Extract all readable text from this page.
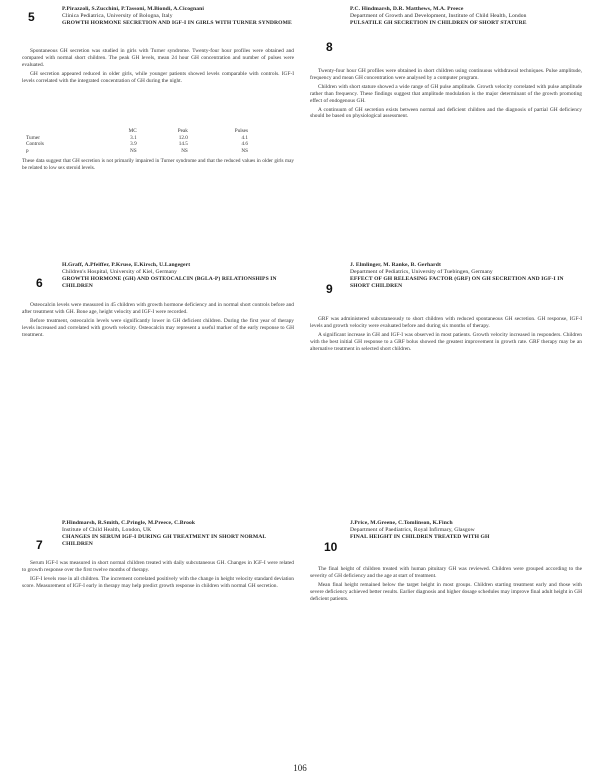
5
P.Pirazzoli, S.Zucchini, P.Tassoni, M.Biondi, A.Cicognani
Clinica Pediatrica, University of Bologna, Italy
GROWTH HORMONE SECRETION AND IGF-I IN GIRLS WITH TURNER SYNDROME

Spontaneous GH secretion was studied in girls with Turner syndrome. Twenty-four hour profiles were obtained and compared with normal short children. The peak GH levels, mean 24 hour GH concentration and number of pulses were evaluated.

GH secretion appeared reduced in older girls, while younger patients showed levels comparable with controls. IGF-I levels correlated with the integrated concentration of GH during the night.

	MC	Peak	Pulses
Turner	3.1	12.0	4.1
Controls	3.9	14.5	4.6
p	NS	NS	NS
These data suggest that GH secretion is not primarily impaired in Turner syndrome and that the reduced values in older girls may be related to low sex steroid levels.
6
H.Graff, A.Pfeiffer, P.Kruse, E.Kirsch, U.Langegert
Children's Hospital, University of Kiel, Germany
GROWTH HORMONE (GH) AND OSTEOCALCIN (BGLA-P) RELATIONSHIPS IN CHILDREN

Osteocalcin levels were measured in 45 children with growth hormone deficiency and in normal short controls before and after treatment with GH. Bone age, height velocity and IGF-I were recorded.

Before treatment, osteocalcin levels were significantly lower in GH deficient children. During the first year of therapy levels increased and correlated with growth velocity. Osteocalcin may represent a useful marker of the early response to GH treatment.

7
P.Hindmarsh, R.Smith, C.Pringle, M.Preece, C.Brook
Institute of Child Health, London, UK
CHANGES IN SERUM IGF-I DURING GH TREATMENT IN SHORT NORMAL CHILDREN

Serum IGF-I was measured in short normal children treated with daily subcutaneous GH. Changes in IGF-I were related to growth response over the first twelve months of therapy.

IGF-I levels rose in all children. The increment correlated positively with the change in height velocity standard deviation score. Measurement of IGF-I early in therapy may help predict growth response in children with normal GH secretion.

8
P.C. Hindmarsh, D.R. Matthews, M.A. Preece
Department of Growth and Development, Institute of Child Health, London
PULSATILE GH SECRETION IN CHILDREN OF SHORT STATURE

Twenty-four hour GH profiles were obtained in short children using continuous withdrawal techniques. Pulse amplitude, frequency and mean GH concentration were analysed by a computer program.

Children with short stature showed a wide range of GH pulse amplitude. Growth velocity correlated with pulse amplitude rather than frequency. These findings suggest that amplitude modulation is the major determinant of the growth promoting effect of endogenous GH.

A continuum of GH secretion exists between normal and deficient children and the diagnosis of partial GH deficiency should be based on physiological assessment.

9
J. Elmlinger, M. Ranke, B. Gerhardt
Department of Pediatrics, University of Tuebingen, Germany
EFFECT OF GH RELEASING FACTOR (GRF) ON GH SECRETION AND IGF-I IN SHORT CHILDREN

GRF was administered subcutaneously to short children with reduced spontaneous GH secretion. GH response, IGF-I levels and growth velocity were evaluated before and during six months of therapy.

A significant increase in GH and IGF-I was observed in most patients. Growth velocity increased in responders. Children with the best initial GH response to a GRF bolus showed the greatest improvement in growth rate. GRF therapy may be an alternative treatment in selected short children.

10
J.Price, M.Greene, C.Tomlinson, K.Finch
Department of Paediatrics, Royal Infirmary, Glasgow
FINAL HEIGHT IN CHILDREN TREATED WITH GH

The final height of children treated with human pituitary GH was reviewed. Children were grouped according to the severity of GH deficiency and the age at start of treatment.

Mean final height remained below the target height in most groups. Children starting treatment early and those with severe deficiency achieved better results. Earlier diagnosis and higher dosage schedules may improve final adult height in GH deficient patients.

106
